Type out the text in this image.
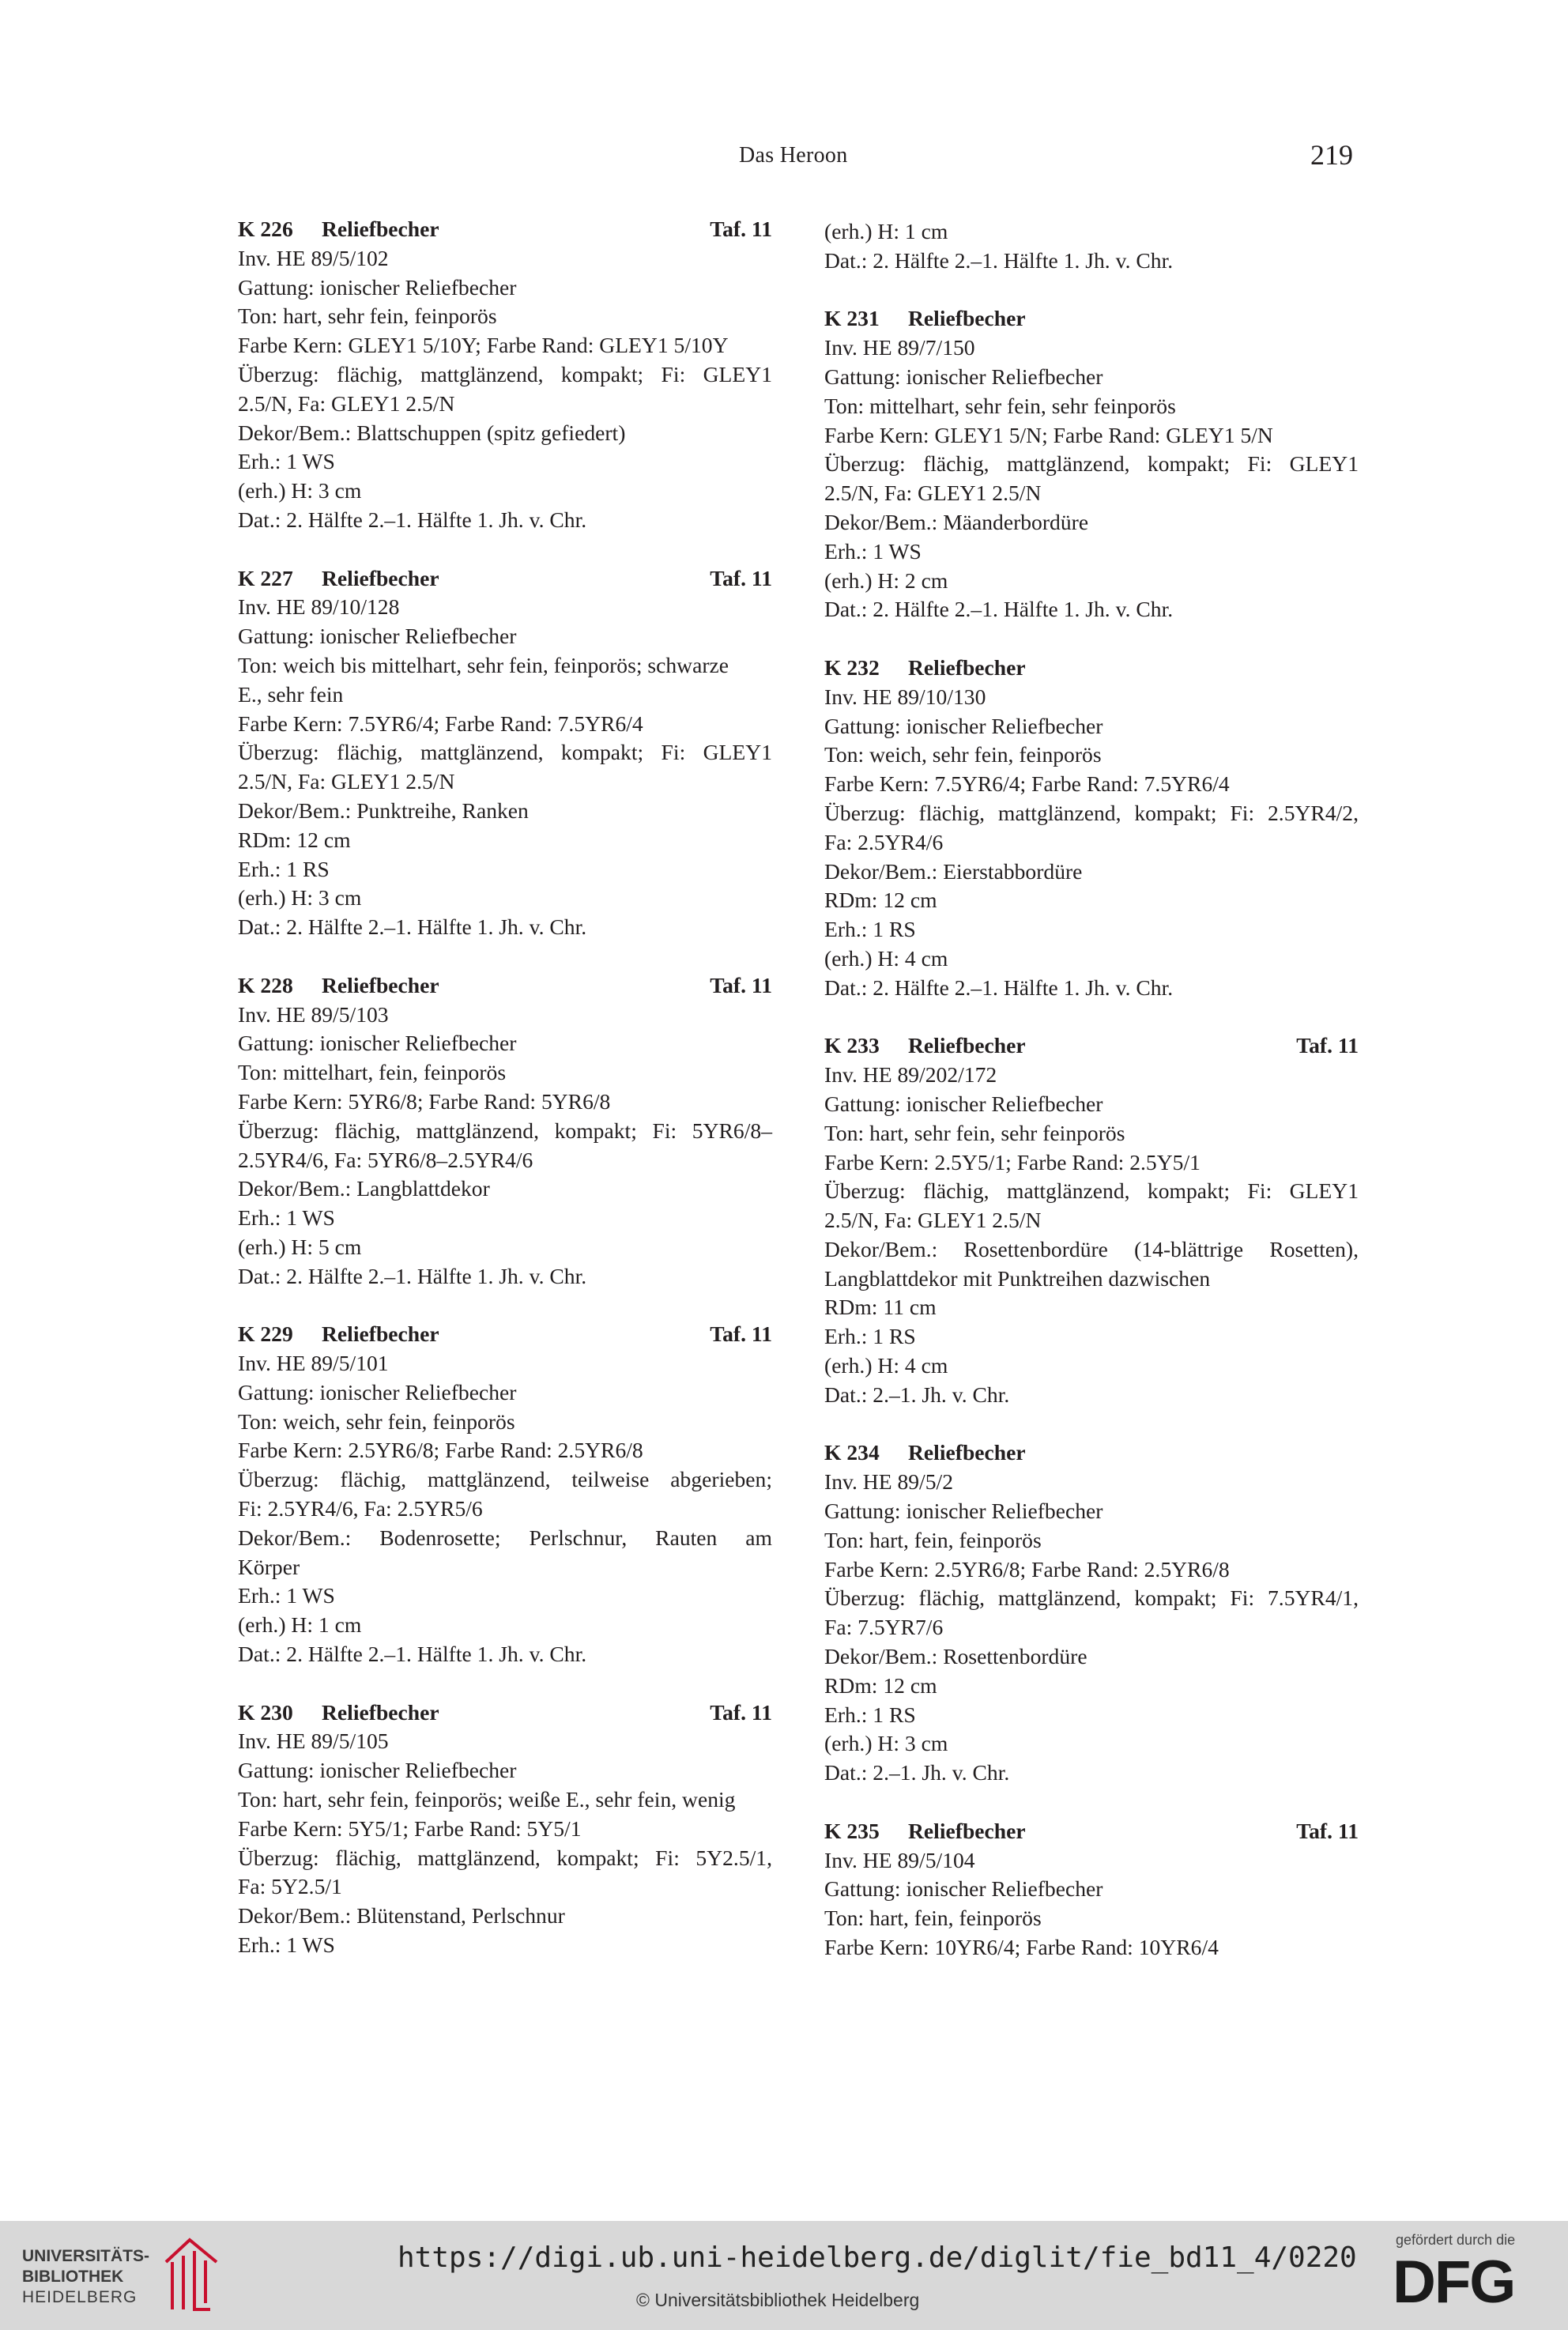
Das Heroon	219
K 226 Reliefbecher	Taf. 11
Inv. HE 89/5/102
Gattung: ionischer Reliefbecher
Ton: hart, sehr fein, feinporös
Farbe Kern: GLEY1 5/10Y; Farbe Rand: GLEY1 5/10Y
Überzug: flächig, mattglänzend, kompakt; Fi: GLEY1
2.5/N, Fa: GLEY1 2.5/N
Dekor/Bem.: Blattschuppen (spitz gefiedert)
Erh.: 1 WS
(erh.) H: 3 cm
Dat.: 2. Hälfte 2.–1. Hälfte 1. Jh. v. Chr.
K 227 Reliefbecher	Taf. 11
Inv. HE 89/10/128
Gattung: ionischer Reliefbecher
Ton: weich bis mittelhart, sehr fein, feinporös; schwarze
E., sehr fein
Farbe Kern: 7.5YR6/4; Farbe Rand: 7.5YR6/4
Überzug: flächig, mattglänzend, kompakt; Fi: GLEY1
2.5/N, Fa: GLEY1 2.5/N
Dekor/Bem.: Punktreihe, Ranken
RDm: 12 cm
Erh.: 1 RS
(erh.) H: 3 cm
Dat.: 2. Hälfte 2.–1. Hälfte 1. Jh. v. Chr.
K 228 Reliefbecher	Taf. 11
Inv. HE 89/5/103
Gattung: ionischer Reliefbecher
Ton: mittelhart, fein, feinporös
Farbe Kern: 5YR6/8; Farbe Rand: 5YR6/8
Überzug: flächig, mattglänzend, kompakt; Fi: 5YR6/8–
2.5YR4/6, Fa: 5YR6/8–2.5YR4/6
Dekor/Bem.: Langblattdekor
Erh.: 1 WS
(erh.) H: 5 cm
Dat.: 2. Hälfte 2.–1. Hälfte 1. Jh. v. Chr.
K 229 Reliefbecher	Taf. 11
Inv. HE 89/5/101
Gattung: ionischer Reliefbecher
Ton: weich, sehr fein, feinporös
Farbe Kern: 2.5YR6/8; Farbe Rand: 2.5YR6/8
Überzug: flächig, mattglänzend, teilweise abgerieben;
Fi: 2.5YR4/6, Fa: 2.5YR5/6
Dekor/Bem.: Bodenrosette; Perlschnur, Rauten am
Körper
Erh.: 1 WS
(erh.) H: 1 cm
Dat.: 2. Hälfte 2.–1. Hälfte 1. Jh. v. Chr.
K 230 Reliefbecher	Taf. 11
Inv. HE 89/5/105
Gattung: ionischer Reliefbecher
Ton: hart, sehr fein, feinporös; weiße E., sehr fein, wenig
Farbe Kern: 5Y5/1; Farbe Rand: 5Y5/1
Überzug: flächig, mattglänzend, kompakt; Fi: 5Y2.5/1,
Fa: 5Y2.5/1
Dekor/Bem.: Blütenstand, Perlschnur
Erh.: 1 WS
(erh.) H: 1 cm
Dat.: 2. Hälfte 2.–1. Hälfte 1. Jh. v. Chr.
K 231 Reliefbecher
Inv. HE 89/7/150
Gattung: ionischer Reliefbecher
Ton: mittelhart, sehr fein, sehr feinporös
Farbe Kern: GLEY1 5/N; Farbe Rand: GLEY1 5/N
Überzug: flächig, mattglänzend, kompakt; Fi: GLEY1
2.5/N, Fa: GLEY1 2.5/N
Dekor/Bem.: Mäanderbordüre
Erh.: 1 WS
(erh.) H: 2 cm
Dat.: 2. Hälfte 2.–1. Hälfte 1. Jh. v. Chr.
K 232 Reliefbecher
Inv. HE 89/10/130
Gattung: ionischer Reliefbecher
Ton: weich, sehr fein, feinporös
Farbe Kern: 7.5YR6/4; Farbe Rand: 7.5YR6/4
Überzug: flächig, mattglänzend, kompakt; Fi: 2.5YR4/2,
Fa: 2.5YR4/6
Dekor/Bem.: Eierstabbordüre
RDm: 12 cm
Erh.: 1 RS
(erh.) H: 4 cm
Dat.: 2. Hälfte 2.–1. Hälfte 1. Jh. v. Chr.
K 233 Reliefbecher	Taf. 11
Inv. HE 89/202/172
Gattung: ionischer Reliefbecher
Ton: hart, sehr fein, sehr feinporös
Farbe Kern: 2.5Y5/1; Farbe Rand: 2.5Y5/1
Überzug: flächig, mattglänzend, kompakt; Fi: GLEY1
2.5/N, Fa: GLEY1 2.5/N
Dekor/Bem.: Rosettenbordüre (14-blättrige Rosetten),
Langblattdekor mit Punktreihen dazwischen
RDm: 11 cm
Erh.: 1 RS
(erh.) H: 4 cm
Dat.: 2.–1. Jh. v. Chr.
K 234 Reliefbecher
Inv. HE 89/5/2
Gattung: ionischer Reliefbecher
Ton: hart, fein, feinporös
Farbe Kern: 2.5YR6/8; Farbe Rand: 2.5YR6/8
Überzug: flächig, mattglänzend, kompakt; Fi: 7.5YR4/1,
Fa: 7.5YR7/6
Dekor/Bem.: Rosettenbordüre
RDm: 12 cm
Erh.: 1 RS
(erh.) H: 3 cm
Dat.: 2.–1. Jh. v. Chr.
K 235 Reliefbecher	Taf. 11
Inv. HE 89/5/104
Gattung: ionischer Reliefbecher
Ton: hart, fein, feinporös
Farbe Kern: 10YR6/4; Farbe Rand: 10YR6/4
UNIVERSITÄTS-
BIBLIOTHEK
HEIDELBERG
https://digi.ub.uni-heidelberg.de/diglit/fie_bd11_4/0220
© Universitätsbibliothek Heidelberg
gefördert durch die
DFG
